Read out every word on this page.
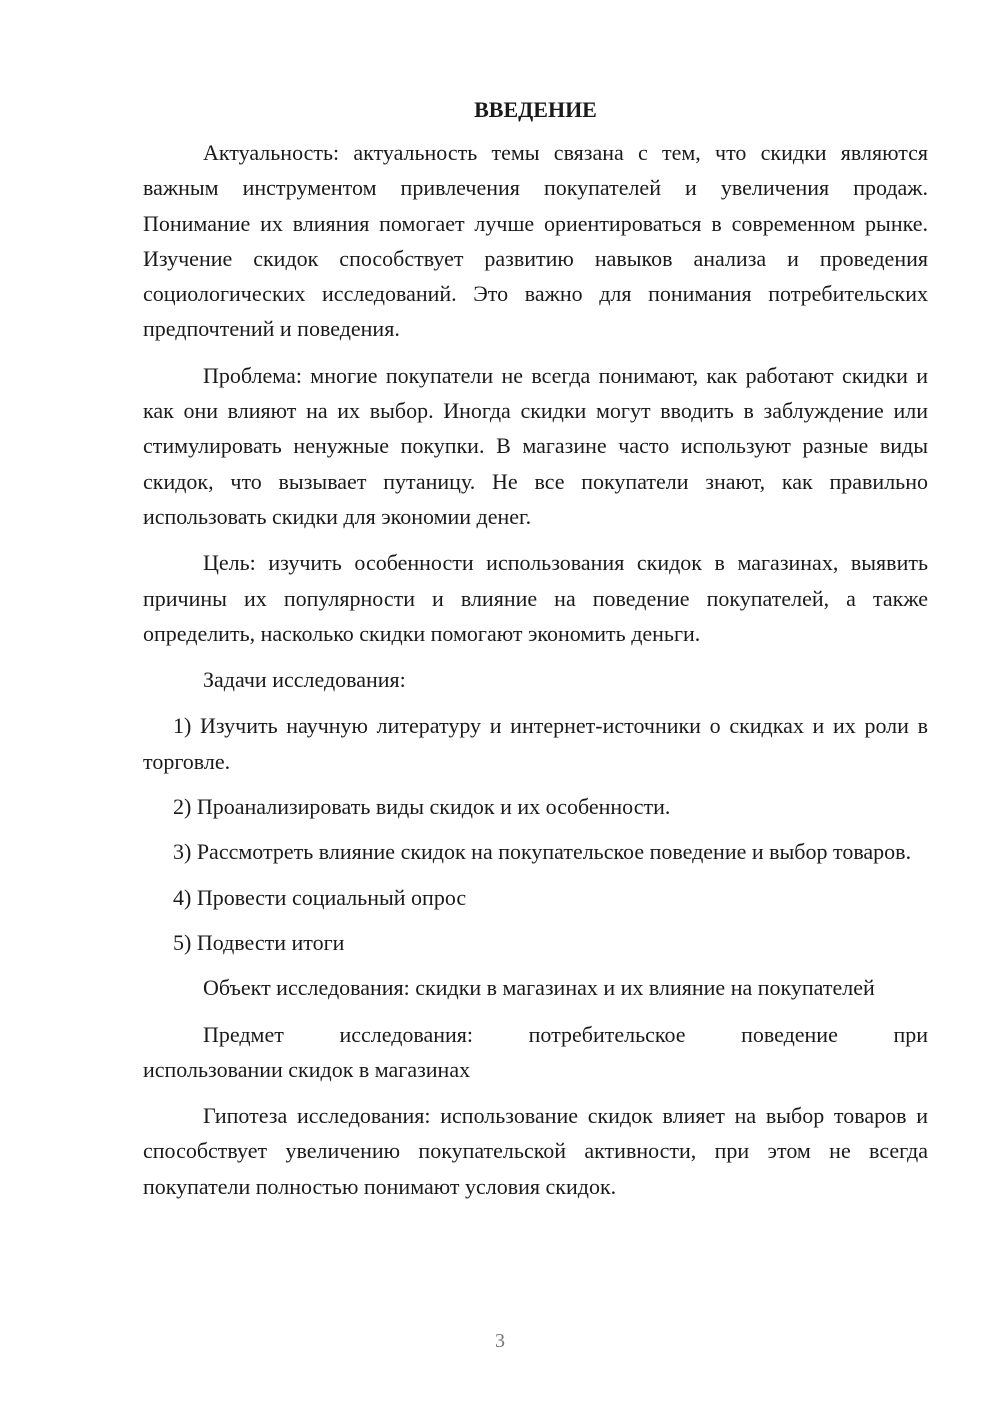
ВВЕДЕНИЕ

Актуальность: актуальность темы связана с тем, что скидки являются важным инструментом привлечения покупателей и увеличения продаж. Понимание их влияния помогает лучше ориентироваться в современном рынке. Изучение скидок способствует развитию навыков анализа и проведения социологических исследований. Это важно для понимания потребительских предпочтений и поведения.

Проблема: многие покупатели не всегда понимают, как работают скидки и как они влияют на их выбор. Иногда скидки могут вводить в заблуждение или стимулировать ненужные покупки. В магазине часто используют разные виды скидок, что вызывает путаницу. Не все покупатели знают, как правильно использовать скидки для экономии денег.

Цель: изучить особенности использования скидок в магазинах, выявить причины их популярности и влияние на поведение покупателей, а также определить, насколько скидки помогают экономить деньги.

Задачи исследования:

1) Изучить научную литературу и интернет-источники о скидках и их роли в торговле.

2) Проанализировать виды скидок и их особенности.

3) Рассмотреть влияние скидок на покупательское поведение и выбор товаров.

4) Провести социальный опрос

5) Подвести итоги

Объект исследования: скидки в магазинах и их влияние на покупателей

Предмет исследования: потребительское поведение при
использовании скидок в магазинах

Гипотеза исследования: использование скидок влияет на выбор товаров и способствует увеличению покупательской активности, при этом не всегда покупатели полностью понимают условия скидок.

3
